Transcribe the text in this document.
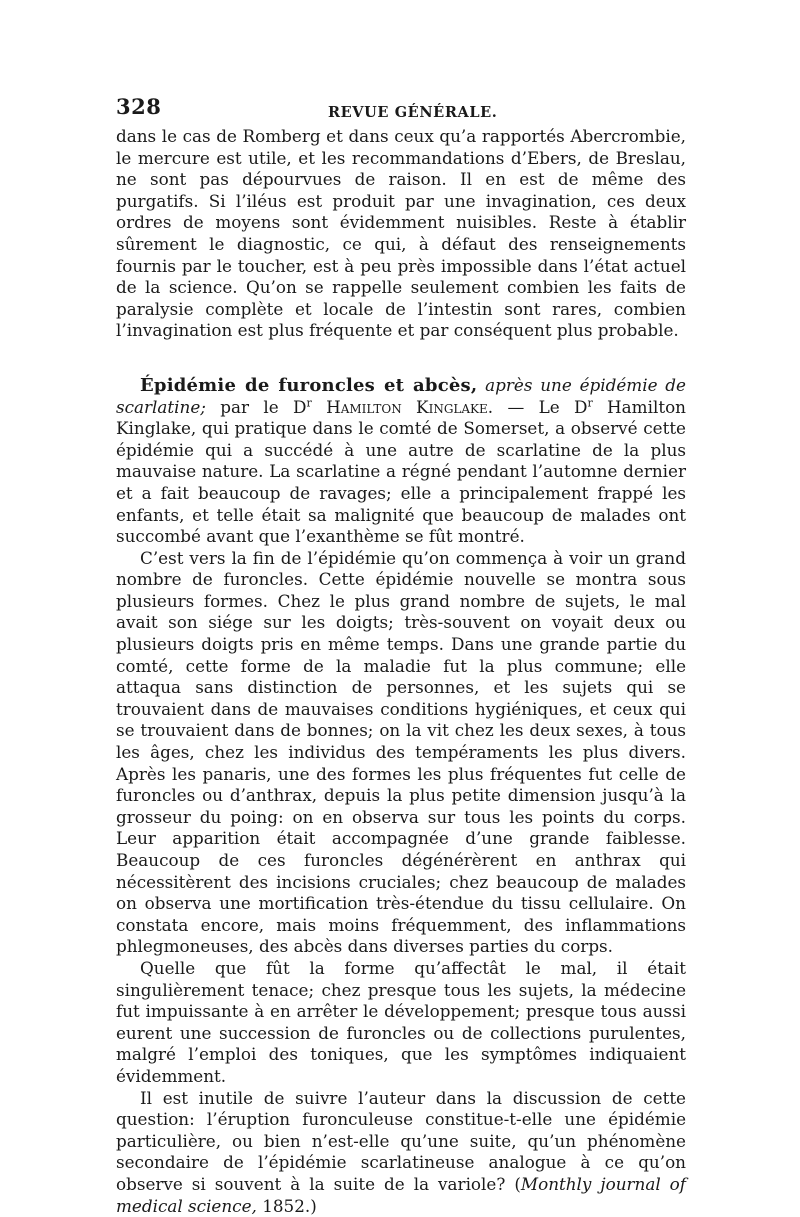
328	REVUE GÉNÉRALE.

dans le cas de Romberg et dans ceux qu’a rapportés Abercrombie, le mercure est utile, et les recommandations d’Ebers, de Breslau, ne sont pas dépourvues de raison. Il en est de même des purgatifs. Si l’iléus est produit par une invagination, ces deux ordres de moyens sont évidemment nuisibles. Reste à établir sûrement le diagnostic, ce qui, à défaut des renseignements fournis par le toucher, est à peu près impossible dans l’état actuel de la science. Qu’on se rappelle seulement combien les faits de paralysie complète et locale de l’intestin sont rares, combien l’invagination est plus fréquente et par conséquent plus probable.

Épidémie de furoncles et abcès, après une épidémie de scarlatine; par le $D^r$ Hamilton Kinglake. — Le $D^r$ Hamilton Kinglake, qui pratique dans le comté de Somerset, a observé cette épidémie qui a succédé à une autre de scarlatine de la plus mauvaise nature. La scarlatine a régné pendant l’automne dernier et a fait beaucoup de ravages; elle a principalement frappé les enfants, et telle était sa malignité que beaucoup de malades ont succombé avant que l’exanthème se fût montré.

C’est vers la fin de l’épidémie qu’on commença à voir un grand nombre de furoncles. Cette épidémie nouvelle se montra sous plusieurs formes. Chez le plus grand nombre de sujets, le mal avait son siége sur les doigts; très-souvent on voyait deux ou plusieurs doigts pris en même temps. Dans une grande partie du comté, cette forme de la maladie fut la plus commune; elle attaqua sans distinction de personnes, et les sujets qui se trouvaient dans de mauvaises conditions hygiéniques, et ceux qui se trouvaient dans de bonnes; on la vit chez les deux sexes, à tous les âges, chez les individus des tempéraments les plus divers. Après les panaris, une des formes les plus fréquentes fut celle de furoncles ou d’anthrax, depuis la plus petite dimension jusqu’à la grosseur du poing: on en observa sur tous les points du corps. Leur apparition était accompagnée d’une grande faiblesse. Beaucoup de ces furoncles dégénérèrent en anthrax qui nécessitèrent des incisions cruciales; chez beaucoup de malades on observa une mortification très-étendue du tissu cellulaire. On constata encore, mais moins fréquemment, des inflammations phlegmoneuses, des abcès dans diverses parties du corps.

Quelle que fût la forme qu’affectât le mal, il était singulièrement tenace; chez presque tous les sujets, la médecine fut impuissante à en arrêter le développement; presque tous aussi eurent une succession de furoncles ou de collections purulentes, malgré l’emploi des toniques, que les symptômes indiquaient évidemment.

Il est inutile de suivre l’auteur dans la discussion de cette question: l’éruption furonculeuse constitue-t-elle une épidémie particulière, ou bien n’est-elle qu’une suite, qu’un phénomène secondaire de l’épidémie scarlatineuse analogue à ce qu’on observe si souvent à la suite de la variole? (Monthly journal of medical science, 1852.)
